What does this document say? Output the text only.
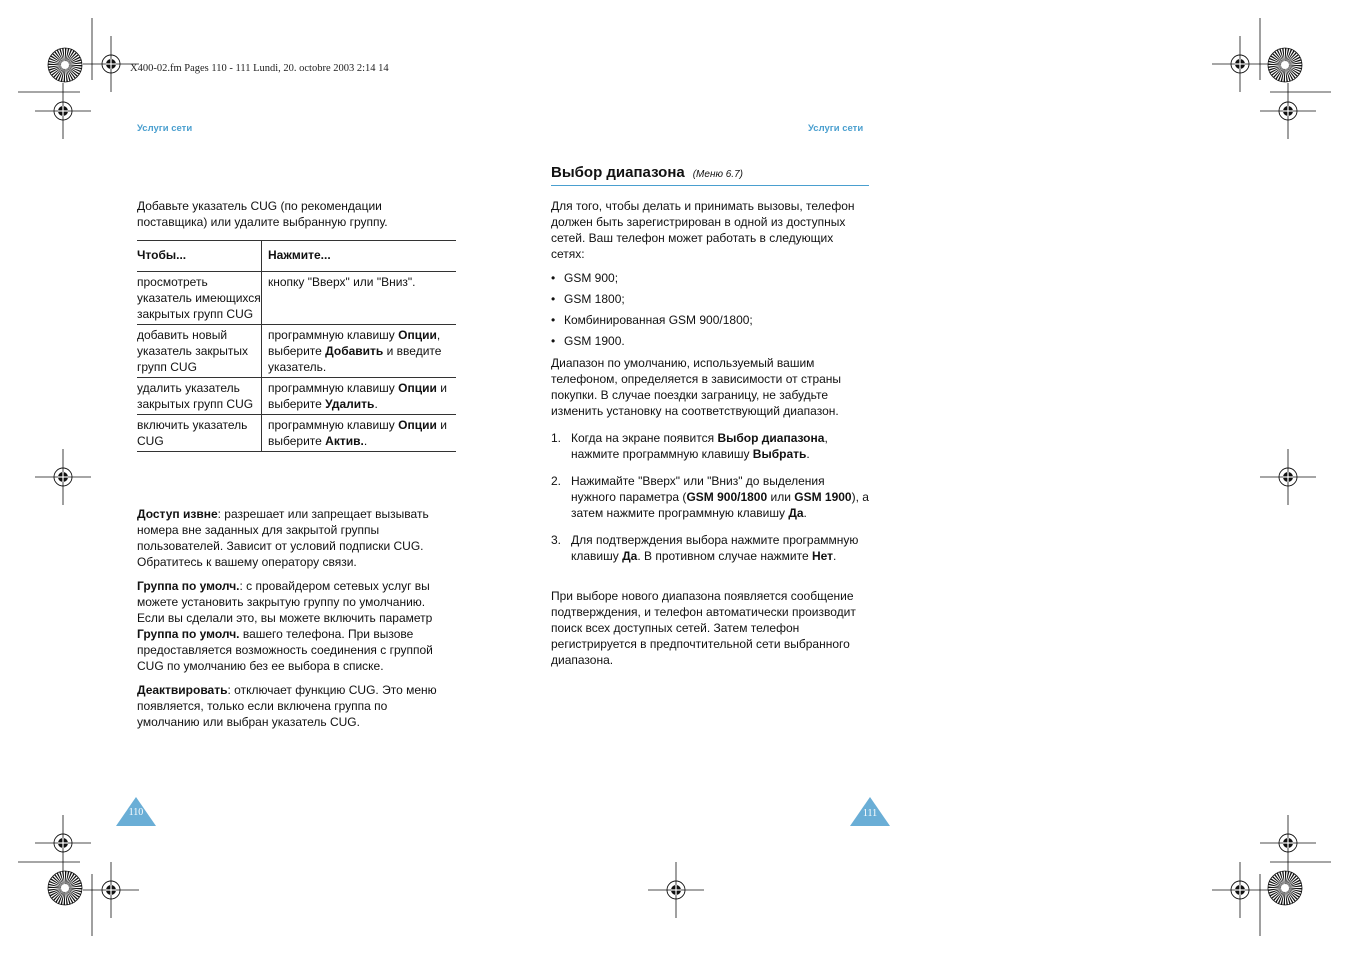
X400-02.fm Pages 110 - 111 Lundi, 20. octobre 2003 2:14 14
Услуги сети

Добавьте указатель CUG (по рекомендации поставщика) или удалите выбранную группу.

Чтобы...	Нажмите...
просмотреть указатель имеющихся закрытых групп CUG	кнопку "Вверх" или "Вниз".
добавить новый указатель закрытых групп CUG	программную клавишу Опции, выберите Добавить и введите указатель.
удалить указатель закрытых групп CUG	программную клавишу Опции и выберите Удалить.
включить указатель CUG	программную клавишу Опции и выберите Актив..

Доступ извне: разрешает или запрещает вызывать номера вне заданных для закрытой группы пользователей. Зависит от условий подписки CUG. Обратитесь к вашему оператору связи.

Группа по умолч.: с провайдером сетевых услуг вы можете установить закрытую группу по умолчанию. Если вы сделали это, вы можете включить параметр Группа по умолч. вашего телефона. При вызове предоставляется возможность соединения с группой CUG по умолчанию без ее выбора в списке.

Деактвировать: отключает функцию CUG. Это меню появляется, только если включена группа по умолчанию или выбран указатель CUG.

110
Услуги сети
Выбор диапазона (Меню 6.7)

Для того, чтобы делать и принимать вызовы, телефон должен быть зарегистрирован в одной из доступных сетей. Ваш телефон может работать в следующих сетях:

• GSM 900;
• GSM 1800;
• Комбинированная GSM 900/1800;
• GSM 1900.

Диапазон по умолчанию, используемый вашим телефоном, определяется в зависимости от страны покупки. В случае поездки заграницу, не забудьте изменить установку на соответствующий диапазон.

1. Когда на экране появится Выбор диапазона, нажмите программную клавишу Выбрать.
2. Нажимайте "Вверх" или "Вниз" до выделения нужного параметра (GSM 900/1800 или GSM 1900), а затем нажмите программную клавишу Да.
3. Для подтверждения выбора нажмите программную клавишу Да. В противном случае нажмите Нет.

При выборе нового диапазона появляется сообщение подтверждения, и телефон автоматически производит поиск всех доступных сетей. Затем телефон регистрируется в предпочтительной сети выбранного диапазона.

111
